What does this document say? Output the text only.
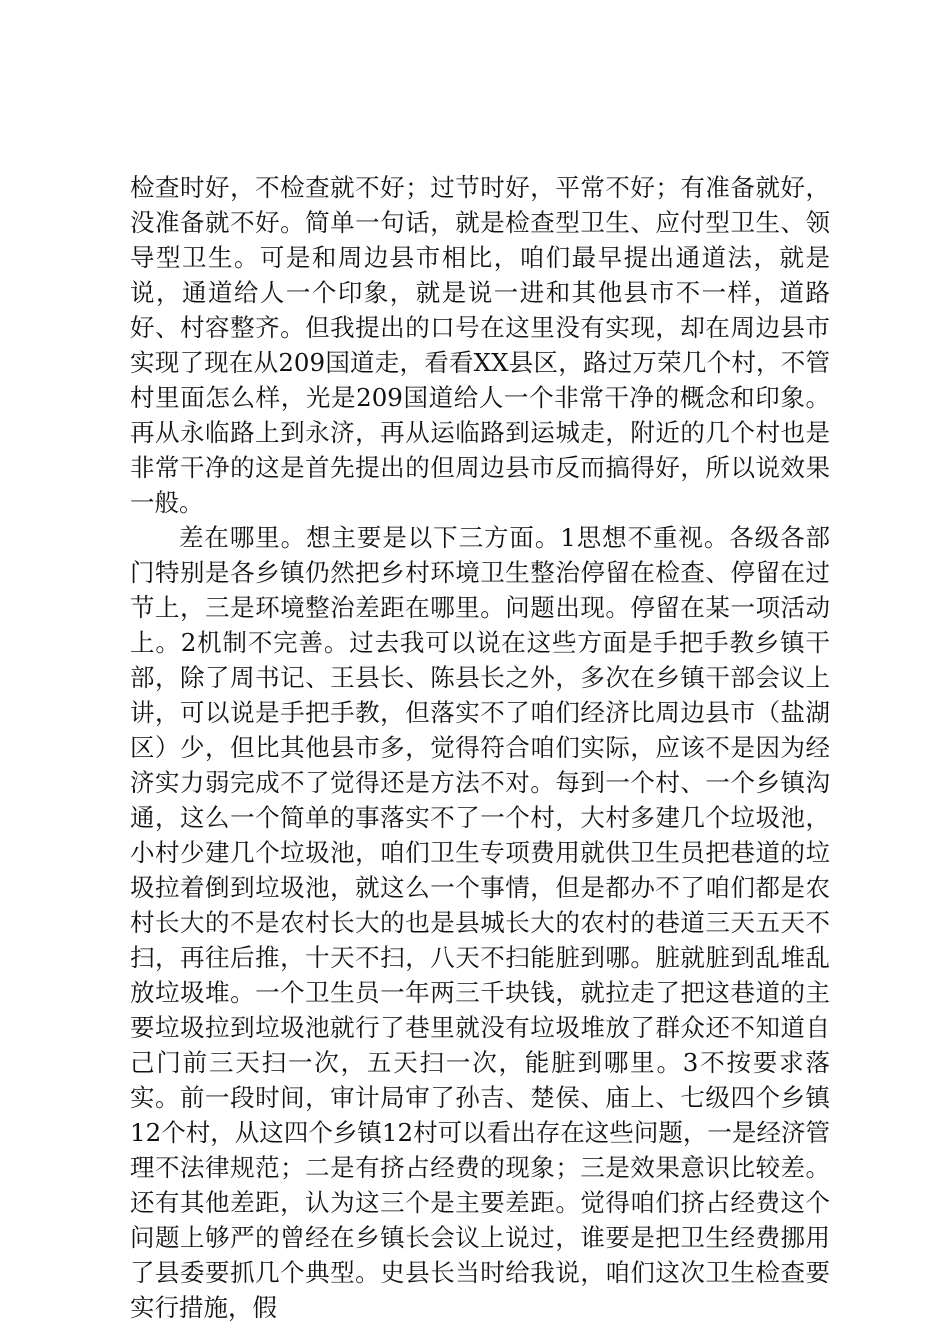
检查时好，不检查就不好；过节时好，平常不好；有准备就好，没准备就不好。简单一句话，就是检查型卫生、应付型卫生、领导型卫生。可是和周边县市相比，咱们最早提出通道法，就是说，通道给人一个印象，就是说一进和其他县市不一样，道路好、村容整齐。但我提出的口号在这里没有实现，却在周边县市实现了现在从209国道走，看看XX县区，路过万荣几个村，不管村里面怎么样，光是209国道给人一个非常干净的概念和印象。再从永临路上到永济，再从运临路到运城走，附近的几个村也是非常干净的这是首先提出的但周边县市反而搞得好，所以说效果一般。

差在哪里。想主要是以下三方面。1思想不重视。各级各部门特别是各乡镇仍然把乡村环境卫生整治停留在检查、停留在过节上，三是环境整治差距在哪里。问题出现。停留在某一项活动上。2机制不完善。过去我可以说在这些方面是手把手教乡镇干部，除了周书记、王县长、陈县长之外，多次在乡镇干部会议上讲，可以说是手把手教，但落实不了咱们经济比周边县市（盐湖区）少，但比其他县市多，觉得符合咱们实际，应该不是因为经济实力弱完成不了觉得还是方法不对。每到一个村、一个乡镇沟通，这么一个简单的事落实不了一个村，大村多建几个垃圾池，小村少建几个垃圾池，咱们卫生专项费用就供卫生员把巷道的垃圾拉着倒到垃圾池，就这么一个事情，但是都办不了咱们都是农村长大的不是农村长大的也是县城长大的农村的巷道三天五天不扫，再往后推，十天不扫，八天不扫能脏到哪。脏就脏到乱堆乱放垃圾堆。一个卫生员一年两三千块钱，就拉走了把这巷道的主要垃圾拉到垃圾池就行了巷里就没有垃圾堆放了群众还不知道自己门前三天扫一次，五天扫一次，能脏到哪里。3不按要求落实。前一段时间，审计局审了孙吉、楚侯、庙上、七级四个乡镇12个村，从这四个乡镇12村可以看出存在这些问题，一是经济管理不法律规范；二是有挤占经费的现象；三是效果意识比较差。还有其他差距，认为这三个是主要差距。觉得咱们挤占经费这个问题上够严的曾经在乡镇长会议上说过，谁要是把卫生经费挪用了县委要抓几个典型。史县长当时给我说，咱们这次卫生检查要实行措施，假
